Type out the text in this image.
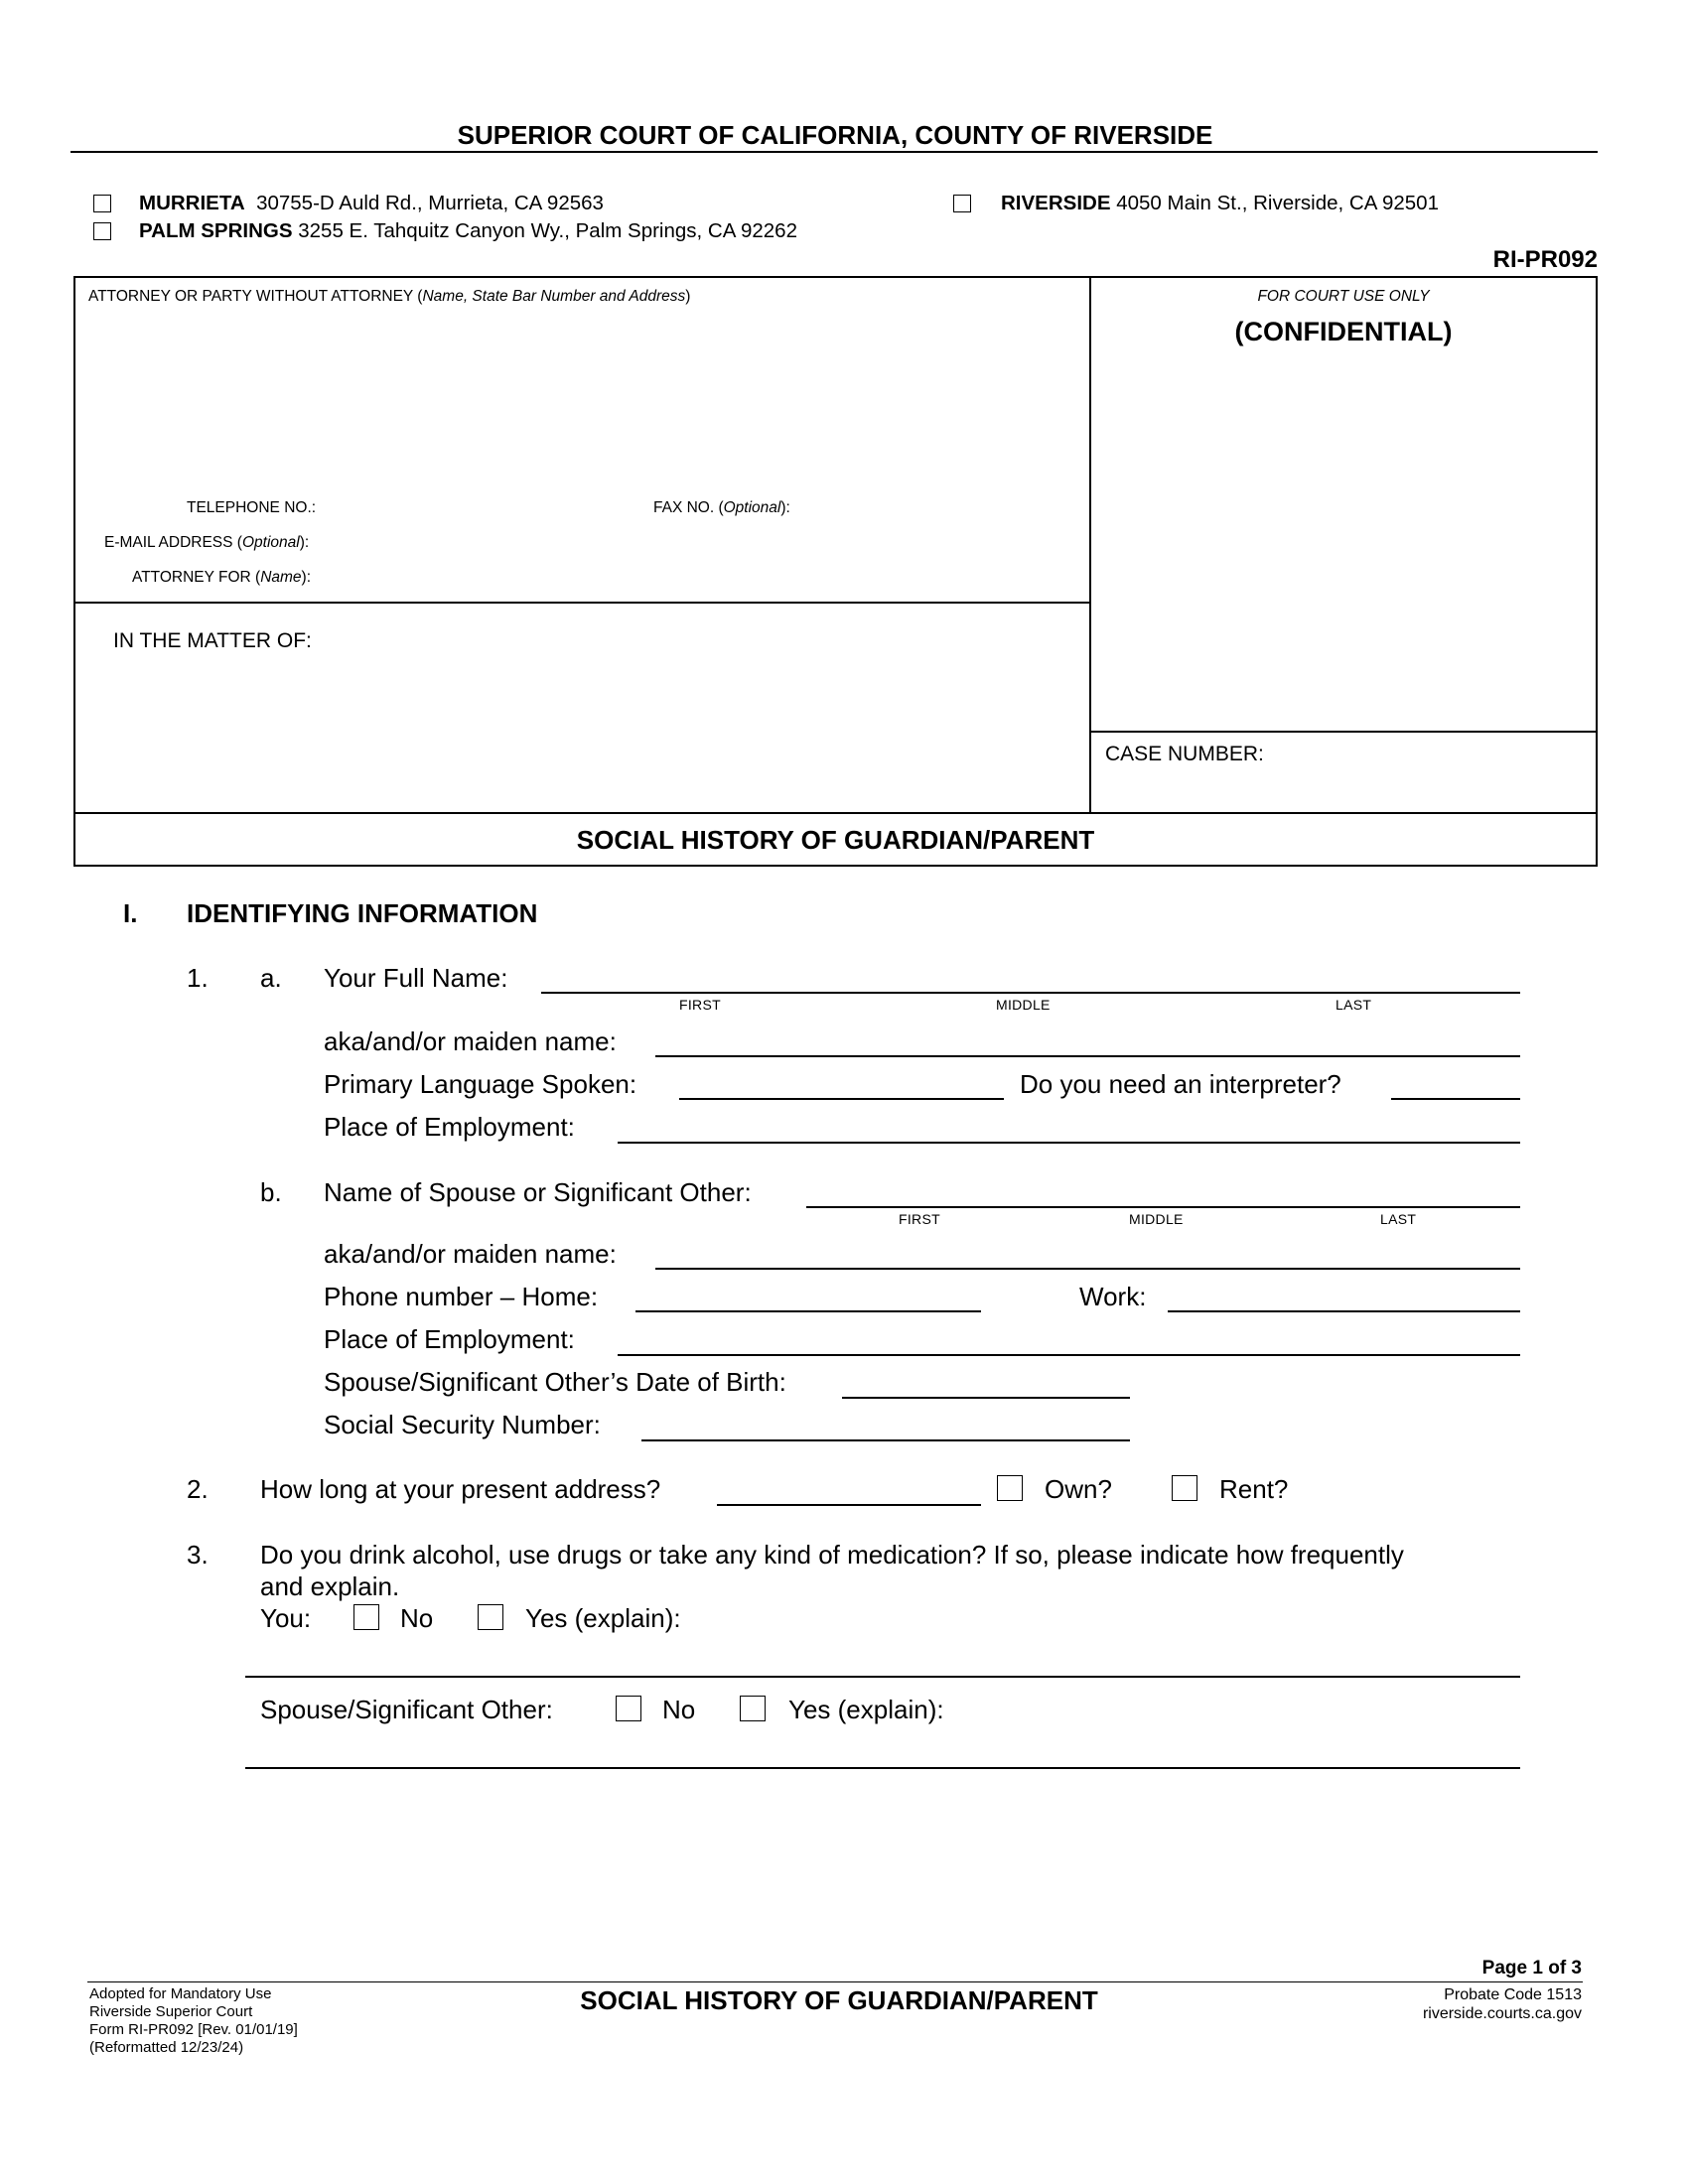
SUPERIOR COURT OF CALIFORNIA, COUNTY OF RIVERSIDE
MURRIETA 30755-D Auld Rd., Murrieta, CA 92563
PALM SPRINGS 3255 E. Tahquitz Canyon Wy., Palm Springs, CA 92262
RIVERSIDE 4050 Main St., Riverside, CA 92501
RI-PR092
ATTORNEY OR PARTY WITHOUT ATTORNEY (Name, State Bar Number and Address)	FOR COURT USE ONLY
(CONFIDENTIAL)
TELEPHONE NO.:	FAX NO. (Optional):
E-MAIL ADDRESS (Optional):
ATTORNEY FOR (Name):
IN THE MATTER OF:
CASE NUMBER:
SOCIAL HISTORY OF GUARDIAN/PARENT
I. IDENTIFYING INFORMATION
1. a. Your Full Name:
FIRST	MIDDLE	LAST
aka/and/or maiden name:
Primary Language Spoken:	Do you need an interpreter?
Place of Employment:
b. Name of Spouse or Significant Other:
FIRST	MIDDLE	LAST
aka/and/or maiden name:
Phone number – Home:	Work:
Place of Employment:
Spouse/Significant Other’s Date of Birth:
Social Security Number:
2. How long at your present address?	Own?	Rent?
3. Do you drink alcohol, use drugs or take any kind of medication? If so, please indicate how frequently
and explain.
You:	No	Yes (explain):
Spouse/Significant Other:	No	Yes (explain):
Page 1 of 3
Adopted for Mandatory Use
Riverside Superior Court
Form RI-PR092 [Rev. 01/01/19]
(Reformatted 12/23/24)
SOCIAL HISTORY OF GUARDIAN/PARENT	Probate Code 1513
riverside.courts.ca.gov
